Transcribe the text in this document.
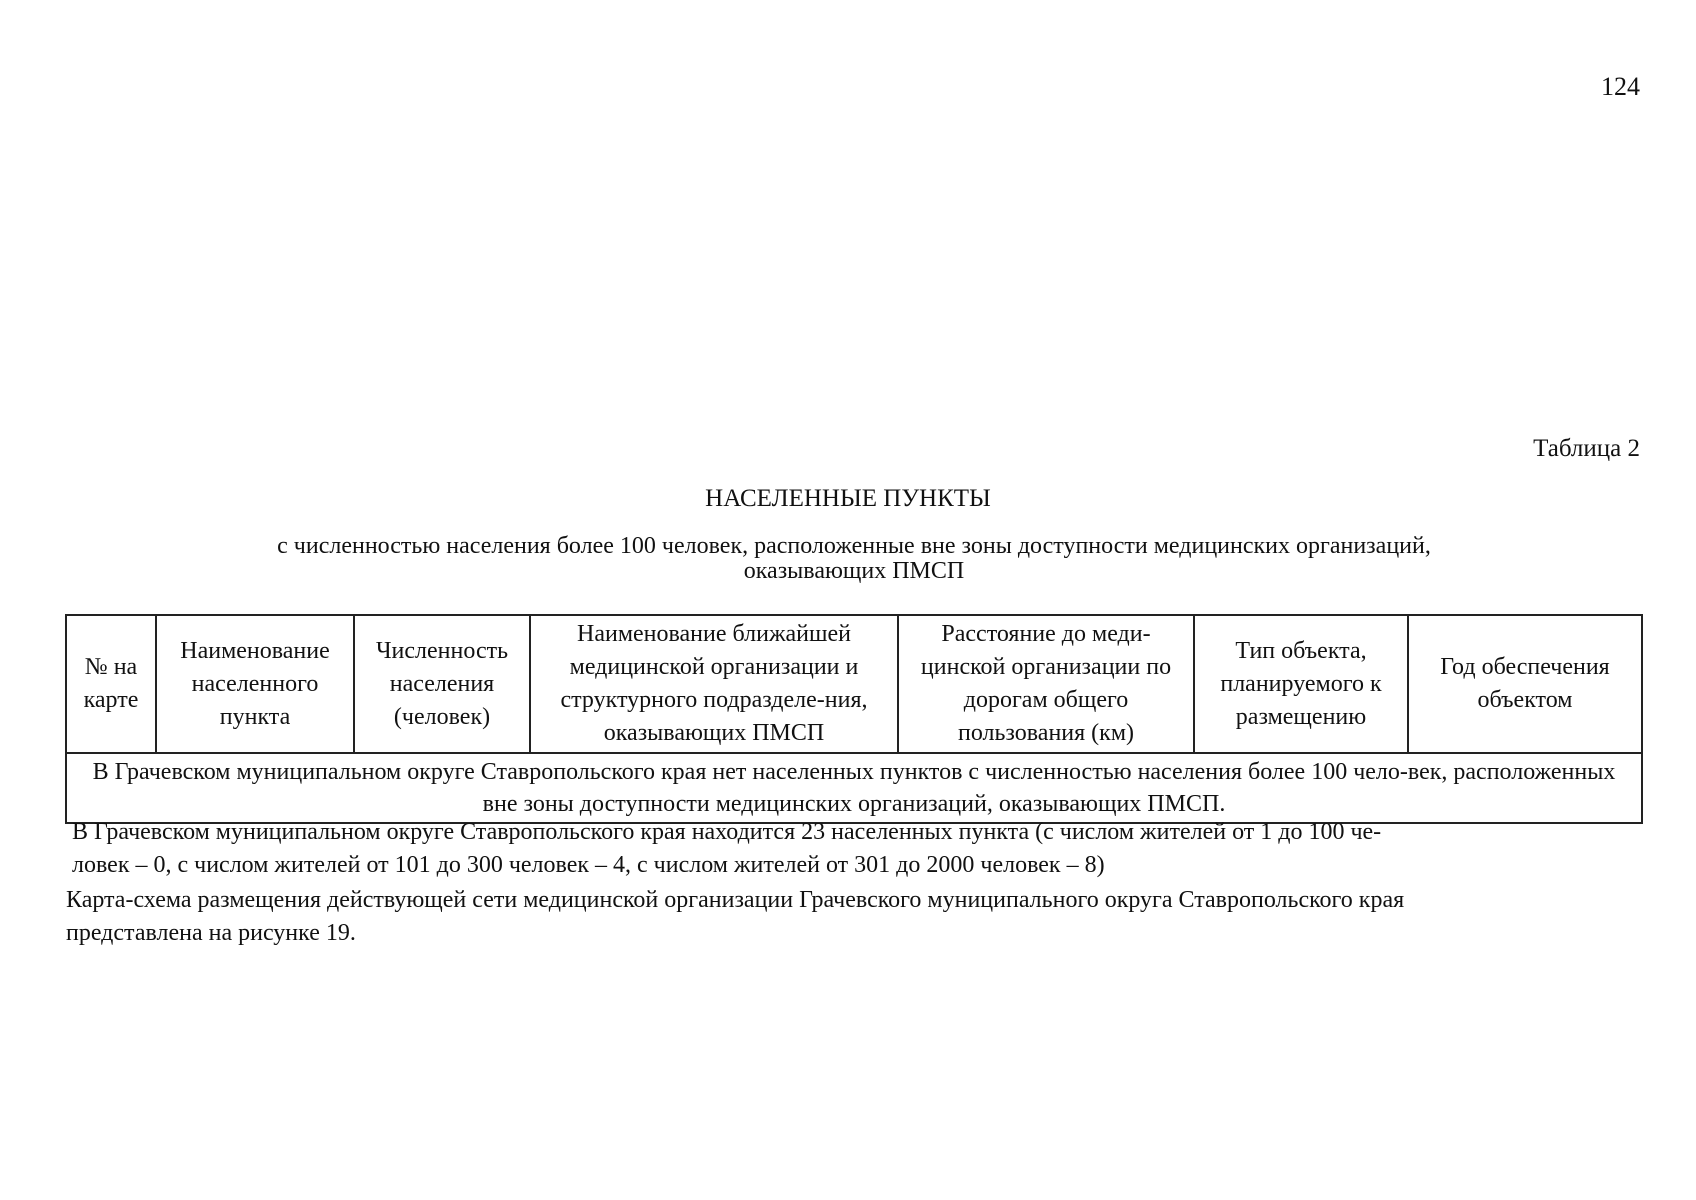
124
Таблица 2
НАСЕЛЕННЫЕ ПУНКТЫ
с численностью населения более 100 человек, расположенные вне зоны доступности медицинских организаций,
оказывающих ПМСП
№ на карте	Наименование населенного пункта	Численность населения (человек)	Наименование ближайшей медицинской организации и структурного подразделе-ния, оказывающих ПМСП	Расстояние до меди-цинской организации по дорогам общего пользования (км)	Тип объекта, планируемого к размещению	Год обеспечения объектом
В Грачевском муниципальном округе Ставропольского края нет населенных пунктов с численностью населения более 100 чело-век, расположенных вне зоны доступности медицинских организаций, оказывающих ПМСП.
В Грачевском муниципальном округе Ставропольского края находится 23 населенных пункта (с числом жителей от 1 до 100 че-
ловек – 0, с числом жителей от 101 до 300 человек – 4, с числом жителей от 301 до 2000 человек – 8)
Карта-схема размещения действующей сети медицинской организации Грачевского муниципального округа Ставропольского края
представлена на рисунке 19.
